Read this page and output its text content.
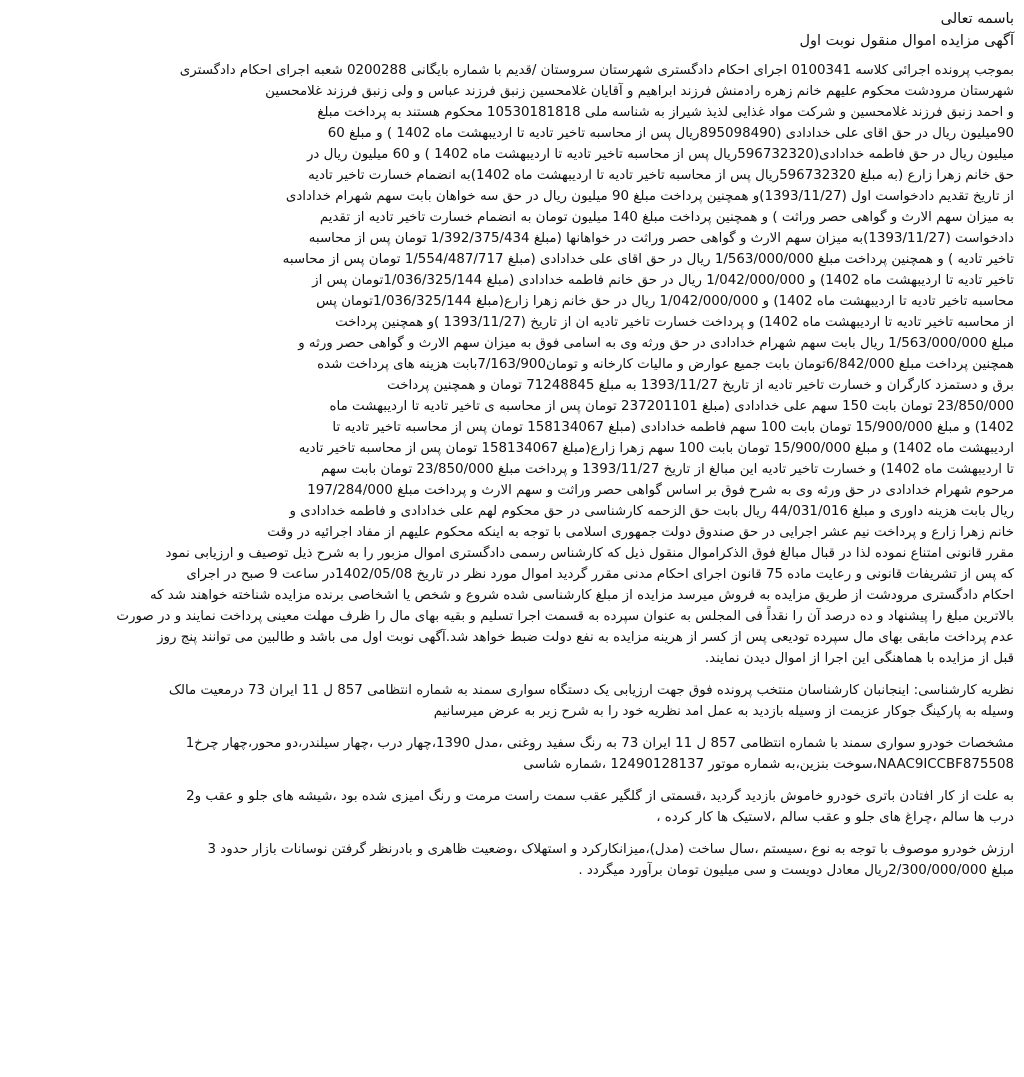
باسمه تعالی
آگهی مزایده اموال منقول نوبت اول
بموجب پرونده اجرائی کلاسه 0100341 اجرای احکام دادگستری شهرستان سروستان /قدیم با شماره بایگانی 0200288 شعبه اجرای احکام دادگستری
شهرستان مرودشت محکوم علیهم خانم زهره رادمنش فرزند ابراهیم و آقایان غلامحسین زنبق فرزند عباس و ولی زنبق فرزند غلامحسین
و احمد زنبق فرزند غلامحسین و شرکت مواد غذایی لذیذ شیراز به شناسه ملی 10530181818 محکوم هستند به پرداخت مبلغ
90میلیون ریال در حق اقای علی خدادادی (895098490ریال پس از محاسبه تاخیر تادیه تا اردیبهشت ماه 1402 ) و مبلغ 60
میلیون ریال در حق فاطمه خدادادی(596732320ریال پس از محاسبه تاخیر تادیه تا اردیبهشت ماه 1402 ) و 60 میلیون ریال در
حق خانم زهرا زارع (به مبلغ 596732320ریال پس از محاسبه تاخیر تادیه تا اردیبهشت ماه 1402)به انضمام خسارت تاخیر تادیه
از تاریخ تقدیم دادخواست اول (1393/11/27)و همچنین پرداخت مبلغ 90 میلیون ریال در حق سه خواهان بابت سهم شهرام خدادادی
به میزان سهم الارث و گواهی حصر وراثت ) و همچنین پرداخت مبلغ 140 میلیون تومان به انضمام خسارت تاخیر تادیه از تقدیم
دادخواست (1393/11/27)به میزان سهم الارث و گواهی حصر وراثت در خواهانها (مبلغ 1/392/375/434 تومان پس از محاسبه
تاخیر تادیه ) و همچنین پرداخت مبلغ 1/563/000/000 ریال در حق اقای علی خدادادی (مبلغ 1/554/487/717 تومان پس از محاسبه
تاخیر تادیه تا اردیبهشت ماه 1402) و 1/042/000/000 ریال در حق خانم فاطمه خدادادی (مبلغ 1/036/325/144تومان پس از
محاسبه تاخیر تادیه تا اردیبهشت ماه 1402) و 1/042/000/000 ریال در حق خانم زهرا زارع(مبلغ 1/036/325/144تومان پس
از محاسبه تاخیر تادیه تا اردیبهشت ماه 1402) و پرداخت خسارت تاخیر تادیه ان از تاریخ (1393/11/27 )و همچنین پرداخت
مبلغ 1/563/000/000 ریال بابت سهم شهرام خدادادی در حق ورثه وی به اسامی فوق به میزان سهم الارث و گواهی حصر ورثه و
همچنین پرداخت مبلغ 6/842/000تومان بابت جمیع عوارض و مالیات کارخانه و تومان7/163/900بابت هزینه های پرداخت شده
برق و دستمزد کارگران و خسارت تاخیر تادیه از تاریخ 1393/11/27 به مبلغ 71248845 تومان و همچنین پرداخت
23/850/000 تومان بابت 150 سهم علی خدادادی (مبلغ 237201101 تومان پس از محاسبه ی تاخیر تادیه تا اردیبهشت ماه
1402) و مبلغ 15/900/000 تومان بابت 100 سهم فاطمه خدادادی (مبلغ 158134067 تومان پس از محاسبه تاخیر تادیه تا
اردیبهشت ماه 1402) و مبلغ 15/900/000 تومان بابت 100 سهم زهرا زارع(مبلغ 158134067 تومان پس از محاسبه تاخیر تادیه
تا اردیبهشت ماه 1402) و خسارت تاخیر تادیه این مبالغ از تاریخ 1393/11/27 و پرداخت مبلغ 23/850/000 تومان بابت سهم
مرحوم شهرام خدادادی در حق ورثه وی به شرح فوق بر اساس گواهی حصر وراثت و سهم الارث و پرداخت مبلغ 197/284/000
ریال بابت هزینه داوری و مبلغ 44/031/016 ریال بابت حق الزحمه کارشناسی در حق محکوم لهم علی خدادادی و فاطمه خدادادی و
خانم زهرا زارع و پرداخت نیم عشر اجرایی در حق صندوق دولت جمهوری اسلامی با توجه به اینکه محکوم علیهم از مفاد اجرائیه در وقت
مقرر قانونی امتناع نموده لذا در قبال مبالغ فوق الذکراموال منقول ذیل که کارشناس رسمی دادگستری اموال مزبور را به شرح ذیل توصیف و ارزیابی نمود
که پس از تشریفات قانونی و رعایت ماده 75 قانون اجرای احکام مدنی مقرر گردید اموال مورد نظر در تاریخ 1402/05/08در ساعت 9 صبح در اجرای
احکام دادگستری مرودشت از طریق مزایده به فروش میرسد مزایده از مبلغ کارشناسی شده شروع و شخص یا اشخاصی برنده مزایده شناخته خواهند شد که
بالاترین مبلغ را پیشنهاد و ده درصد آن را نقداً فی المجلس به عنوان سپرده به قسمت اجرا تسلیم و بقیه بهای مال را ظرف مهلت معینی پرداخت نمایند و در صورت
عدم پرداخت مابقی بهای مال سپرده تودیعی پس از کسر از هرینه مزایده به نفع دولت ضبط خواهد شد.آگهی نوبت اول می باشد و طالبین می توانند پنج روز
قبل از مزایده با هماهنگی این اجرا از اموال دیدن نمایند.
نظریه کارشناسی: اینجانبان کارشناسان منتخب پرونده فوق جهت ارزیابی یک دستگاه سواری سمند به شماره انتظامی 857 ل 11 ایران 73 درمعیت مالک
وسیله به پارکینگ جوکار عزیمت از وسیله بازدید به عمل امد نظریه خود را به شرح زیر به عرض میرسانیم
مشخصات خودرو سواری سمند با شماره انتظامی 857 ل 11 ایران 73 به رنگ سفید روغنی ،مدل 1390،چهار درب ،چهار سیلندر،دو محور،چهار چرخ1
NAAC9ICCBF875508،سوخت بنزین،به شماره موتور 12490128137 ،شماره شاسی
به علت از کار افتادن باتری خودرو خاموش بازدید گردید ،قسمتی از گلگیر عقب سمت راست مرمت و رنگ امیزی شده بود ،شیشه های جلو و عقب و2
درب ها سالم ،چراغ های جلو و عقب سالم ،لاستیک ها کار کرده ،
ارزش خودرو موصوف با توجه به نوع ،سیستم ،سال ساخت (مدل)،میزانکارکرد و استهلاک ،وضعیت ظاهری و بادرنظر گرفتن نوسانات بازار حدود 3
مبلغ 2/300/000/000ریال معادل دویست و سی میلیون تومان برآورد میگردد .
